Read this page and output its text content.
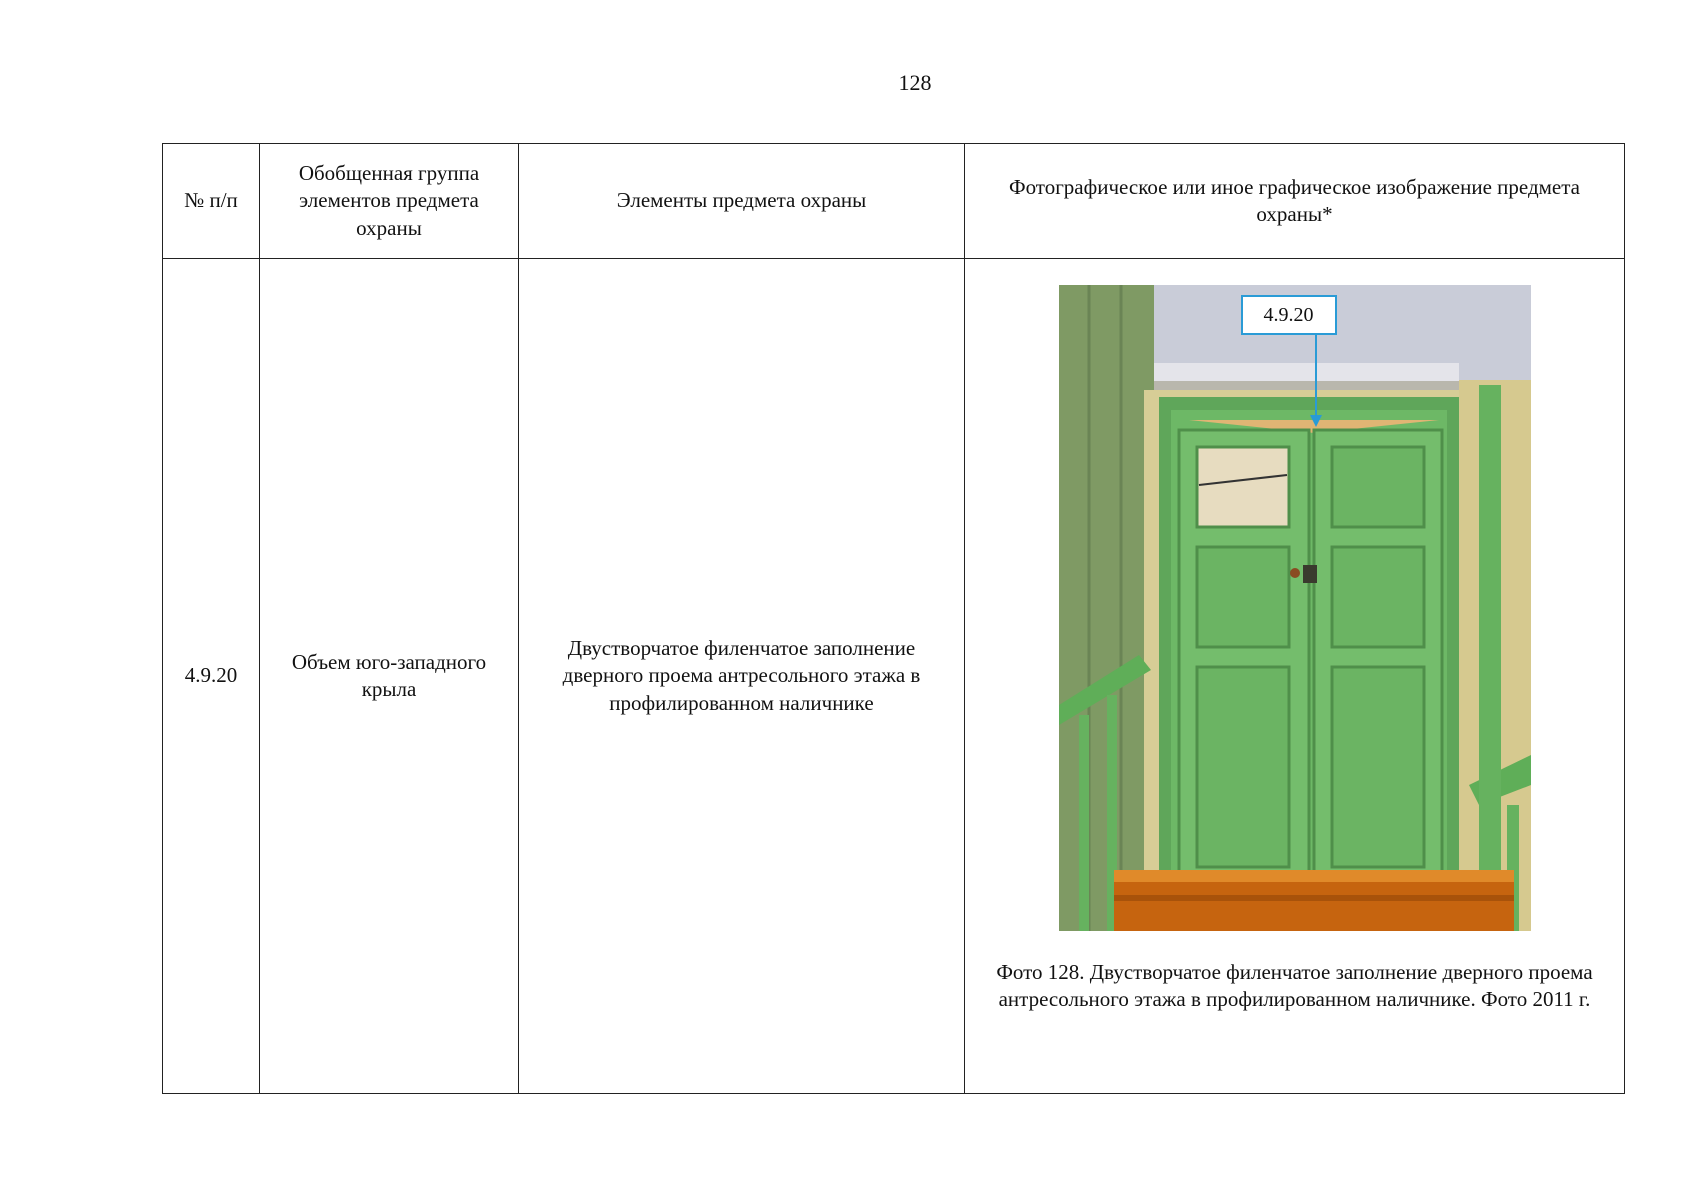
128
№ п/п	Обобщенная группа элементов предмета охраны	Элементы предмета охраны	Фотографическое или иное графическое изображение предмета охраны*
4.9.20	Объем юго-западного крыла	Двустворчатое филенчатое заполнение дверного проема антресольного этажа в профилированном наличнике	4.9.20
Фото 128. Двустворчатое филенчатое заполнение дверного проема антресольного этажа в профилированном наличнике. Фото 2011 г.
